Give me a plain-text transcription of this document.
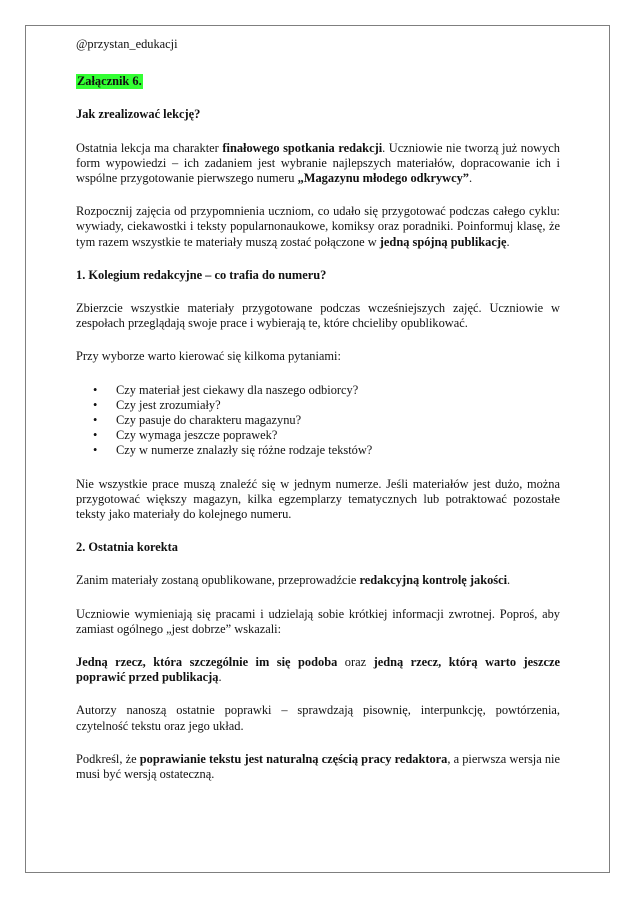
@przystan_edukacji

Załącznik 6.

Jak zrealizować lekcję?

Ostatnia lekcja ma charakter finałowego spotkania redakcji. Uczniowie nie tworzą już nowych form wypowiedzi – ich zadaniem jest wybranie najlepszych materiałów, dopracowanie ich i wspólne przygotowanie pierwszego numeru „Magazynu młodego odkrywcy”.

Rozpocznij zajęcia od przypomnienia uczniom, co udało się przygotować podczas całego cyklu: wywiady, ciekawostki i teksty popularnonaukowe, komiksy oraz poradniki. Poinformuj klasę, że tym razem wszystkie te materiały muszą zostać połączone w jedną spójną publikację.

1. Kolegium redakcyjne – co trafia do numeru?

Zbierzcie wszystkie materiały przygotowane podczas wcześniejszych zajęć. Uczniowie w zespołach przeglądają swoje prace i wybierają te, które chcieliby opublikować.

Przy wyborze warto kierować się kilkoma pytaniami:

• Czy materiał jest ciekawy dla naszego odbiorcy?
• Czy jest zrozumiały?
• Czy pasuje do charakteru magazynu?
• Czy wymaga jeszcze poprawek?
• Czy w numerze znalazły się różne rodzaje tekstów?

Nie wszystkie prace muszą znaleźć się w jednym numerze. Jeśli materiałów jest dużo, można przygotować większy magazyn, kilka egzemplarzy tematycznych lub potraktować pozostałe teksty jako materiały do kolejnego numeru.

2. Ostatnia korekta

Zanim materiały zostaną opublikowane, przeprowadźcie redakcyjną kontrolę jakości.

Uczniowie wymieniają się pracami i udzielają sobie krótkiej informacji zwrotnej. Poproś, aby zamiast ogólnego „jest dobrze” wskazali:

Jedną rzecz, która szczególnie im się podoba oraz jedną rzecz, którą warto jeszcze poprawić przed publikacją.

Autorzy nanoszą ostatnie poprawki – sprawdzają pisownię, interpunkcję, powtórzenia, czytelność tekstu oraz jego układ.

Podkreśl, że poprawianie tekstu jest naturalną częścią pracy redaktora, a pierwsza wersja nie musi być wersją ostateczną.
